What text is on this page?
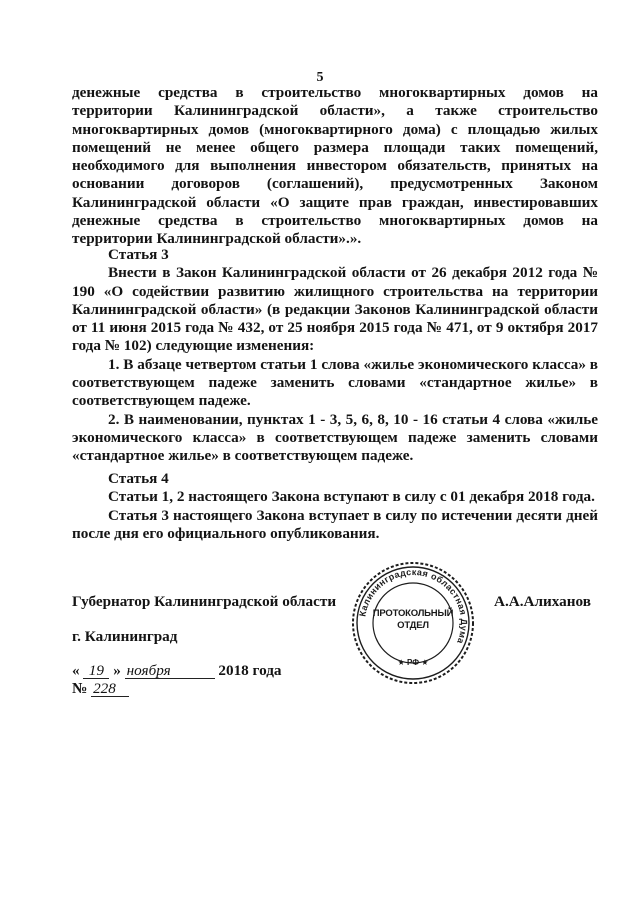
5

денежные средства в строительство многоквартирных домов на территории Калининградской области», а также строительство многоквартирных домов (многоквартирного дома) с площадью жилых помещений не менее общего размера площади таких помещений, необходимого для выполнения инвестором обязательств, принятых на основании договоров (соглашений), предусмотренных Законом Калининградской области «О защите прав граждан, инвестировавших денежные средства в строительство многоквартирных домов на территории Калининградской области».».

Статья 3

Внести в Закон Калининградской области от 26 декабря 2012 года № 190 «О содействии развитию жилищного строительства на территории Калининградской области» (в редакции Законов Калининградской области от 11 июня 2015 года № 432, от 25 ноября 2015 года № 471, от 9 октября 2017 года № 102) следующие изменения:

1. В абзаце четвертом статьи 1 слова «жилье экономического класса» в соответствующем падеже заменить словами «стандартное жилье» в соответствующем падеже.

2. В наименовании, пунктах 1 - 3, 5, 6, 8, 10 - 16 статьи 4 слова «жилье экономического класса» в соответствующем падеже заменить словами «стандартное жилье» в соответствующем падеже.

Статья 4

Статьи 1, 2 настоящего Закона вступают в силу с 01 декабря 2018 года.

Статья 3 настоящего Закона вступает в силу по истечении десяти дней после дня его официального опубликования.

Губернатор Калининградской области	А.А.Алиханов
г. Калининград
« 19 » ноября	2018 года
№ 228
Калининградская областная Дума
ПРОТОКОЛЬНЫЙ
ОТДЕЛ
★ РФ ★
